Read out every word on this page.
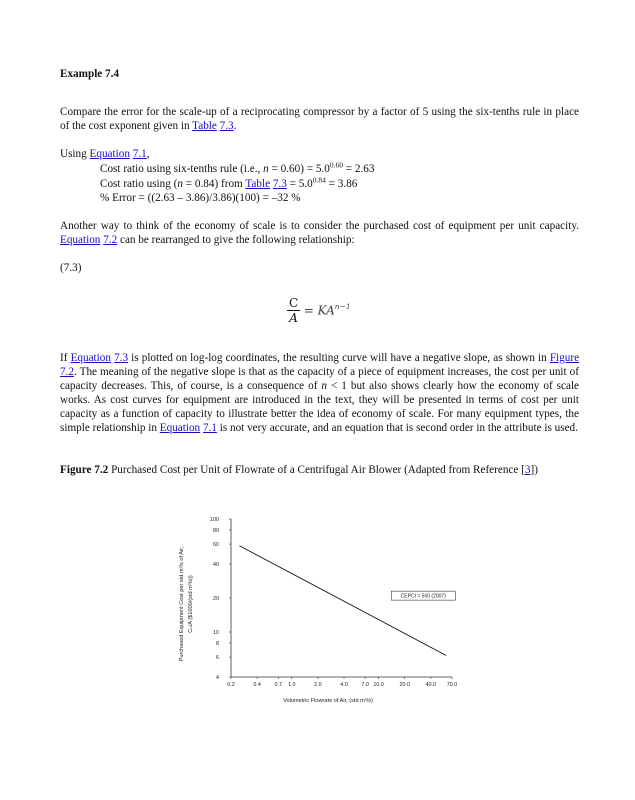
Example 7.4
Compare the error for the scale-up of a reciprocating compressor by a factor of 5 using the six-tenths rule in place of the cost exponent given in Table 7.3.
Using Equation 7.1,
Cost ratio using six-tenths rule (i.e., $n = 0.60) = 5.0^{0.60} = 2.63$
Cost ratio using (n = 0.84) from Table $7.3 = 5.0^{0.84} = 3.86$
% Error = ((2.63 – 3.86)/3.86)(100) = –32 %
Another way to think of the economy of scale is to consider the purchased cost of equipment per unit capacity. Equation 7.2 can be rearranged to give the following relationship:
(7.3)
$\frac{C}{A} = KA^{n-1}$
If Equation 7.3 is plotted on log-log coordinates, the resulting curve will have a negative slope, as shown in Figure 7.2. The meaning of the negative slope is that as the capacity of a piece of equipment increases, the cost per unit of capacity decreases. This, of course, is a consequence of n < 1 but also shows clearly how the economy of scale works. As cost curves for equipment are introduced in the text, they will be presented in terms of cost per unit capacity as a function of capacity to illustrate better the idea of economy of scale. For many equipment types, the simple relationship in Equation 7.1 is not very accurate, and an equation that is second order in the attribute is used.
Figure 7.2 Purchased Cost per Unit of Flowrate of a Centrifugal Air Blower (Adapted from Reference [3])
Purchased Equipment Cost per std m³/s of Air, Cₚ/A ($1000/(std m³/s))
Volumetric Flowrate of Air, (std m³/s)
4
6
8
10
20
40
60
80
100
0.2	0.4	0.7 1.0	2.0	4.0	7.0 10.0	20.0	40.0 70.0
CEPCI = 500 (2007)
